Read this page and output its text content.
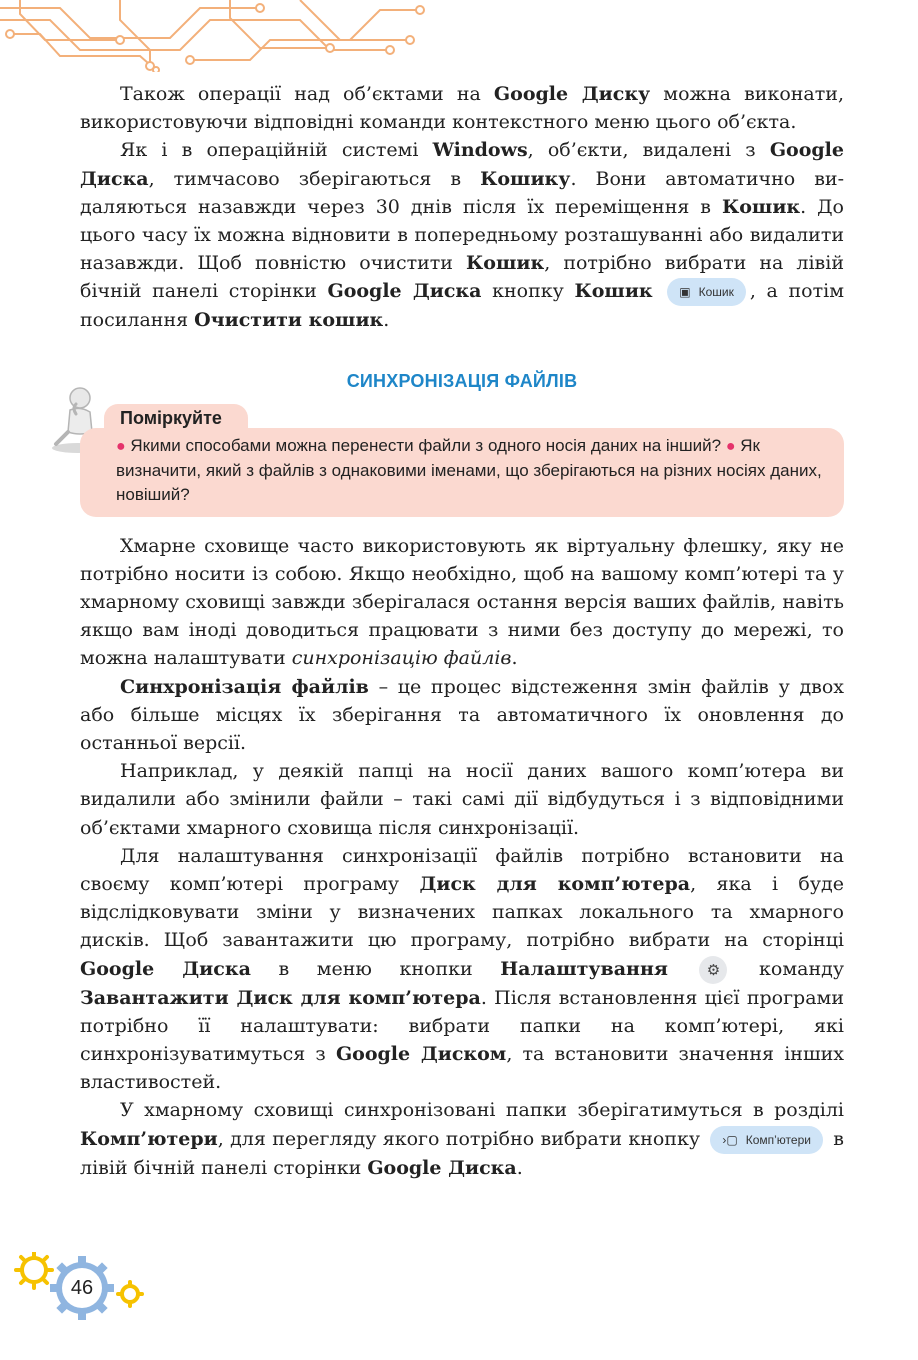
Також операції над об’єктами на Google Диску можна виконати, використовуючи відповідні команди контекстного меню цього об’єкта.

Як і в операційній системі Windows, об’єкти, видалені з Google Диска, тимчасово зберігаються в Кошику. Вони автоматично видаляються назавжди через 30 днів після їх переміщення в Кошик. До цього часу їх можна відновити в попередньому розташуванні або видалити назавжди. Щоб повністю очистити Кошик, потрібно вибрати на лівій бічній панелі сторінки Google Диска кнопку Кошик ▣ Кошик , а потім посилання Очистити кошик.

СИНХРОНІЗАЦІЯ ФАЙЛІВ
Поміркуйте
● Якими способами можна перенести файли з одного носія даних на інший? ● Як визначити, який з файлів з однаковими іменами, що зберігаються на різних носіях даних, новіший?

Хмарне сховище часто використовують як віртуальну флешку, яку не потрібно носити із собою. Якщо необхідно, щоб на вашому комп’ютері та у хмарному сховищі завжди зберігалася остання версія ваших файлів, навіть якщо вам іноді доводиться працювати з ними без доступу до мережі, то можна налаштувати синхронізацію файлів.

Синхронізація файлів – це процес відстеження змін файлів у двох або більше місцях їх зберігання та автоматичного їх оновлення до останньої версії.

Наприклад, у деякій папці на носії даних вашого комп’ютера ви видалили або змінили файли – такі самі дії відбудуться і з відповідними об’єктами хмарного сховища після синхронізації.

Для налаштування синхронізації файлів потрібно встановити на своєму комп’ютері програму Диск для комп’ютера, яка і буде відслідковувати зміни у визначених папках локального та хмарного дисків. Щоб завантажити цю програму, потрібно вибрати на сторінці Google Диска в меню кнопки Налаштування	⚙ команду Завантажити Диск для комп’ютера. Після встановлення цієї програми потрібно її налаштувати: вибрати папки на комп’ютері, які синхронізуватимуться з Google Диском, та встановити значення інших властивостей.

У хмарному сховищі синхронізовані папки зберігатимуться в розділі Комп’ютери, для перегляду якого потрібно вибрати кнопку ›▢ Комп’ютери в лівій бічній панелі сторінки Google Диска.

46
